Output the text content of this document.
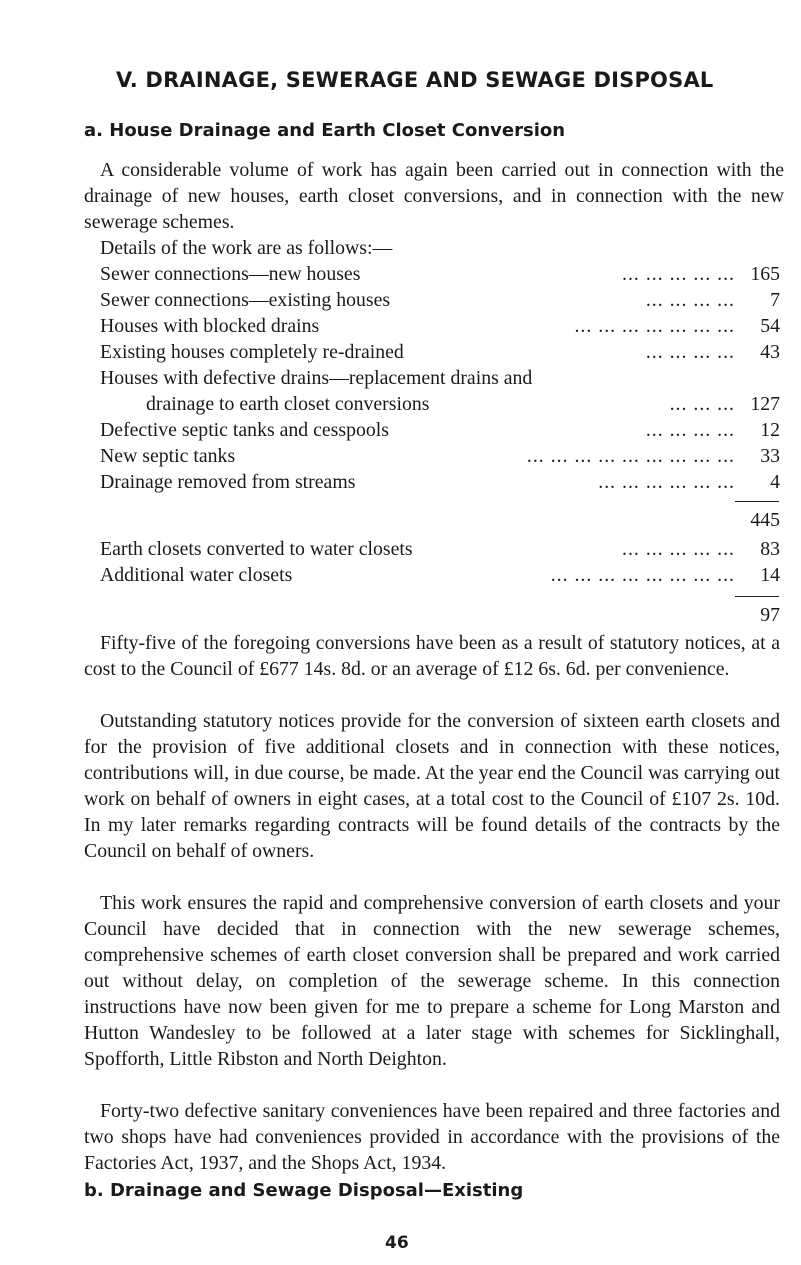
V. DRAINAGE, SEWERAGE AND SEWAGE DISPOSAL
a. House Drainage and Earth Closet Conversion
A considerable volume of work has again been carried out in connection with the drainage of new houses, earth closet conversions, and in connection with the new sewerage schemes.
Details of the work are as follows:—
Sewer connections—new houses	... ... ... ... ... 165
Sewer connections—existing houses	... ... ... ... 7
Houses with blocked drains	... ... ... ... ... ... ... 54
Existing houses completely re-drained	... ... ... ... 43
Houses with defective drains—replacement drains and
drainage to earth closet conversions	... ... ... 127
Defective septic tanks and cesspools	... ... ... ... 12
New septic tanks	... ... ... ... ... ... ... ... ... 33
Drainage removed from streams	... ... ... ... ... ... 4
445
Earth closets converted to water closets	... ... ... ... ... 83
Additional water closets	... ... ... ... ... ... ... ... 14
97
Fifty-five of the foregoing conversions have been as a result of statutory notices, at a cost to the Council of £677 14s. 8d. or an average of £12 6s. 6d. per convenience.
Outstanding statutory notices provide for the conversion of sixteen earth closets and for the provision of five additional closets and in connection with these notices, contributions will, in due course, be made. At the year end the Council was carrying out work on behalf of owners in eight cases, at a total cost to the Council of £107 2s. 10d. In my later remarks regarding contracts will be found details of the contracts by the Council on behalf of owners.
This work ensures the rapid and comprehensive conversion of earth closets and your Council have decided that in connection with the new sewerage schemes, comprehensive schemes of earth closet conversion shall be prepared and work carried out without delay, on completion of the sewerage scheme. In this connection instructions have now been given for me to prepare a scheme for Long Marston and Hutton Wandesley to be followed at a later stage with schemes for Sicklinghall, Spofforth, Little Ribston and North Deighton.
Forty-two defective sanitary conveniences have been repaired and three factories and two shops have had conveniences provided in accordance with the provisions of the Factories Act, 1937, and the Shops Act, 1934.
b. Drainage and Sewage Disposal—Existing
46
